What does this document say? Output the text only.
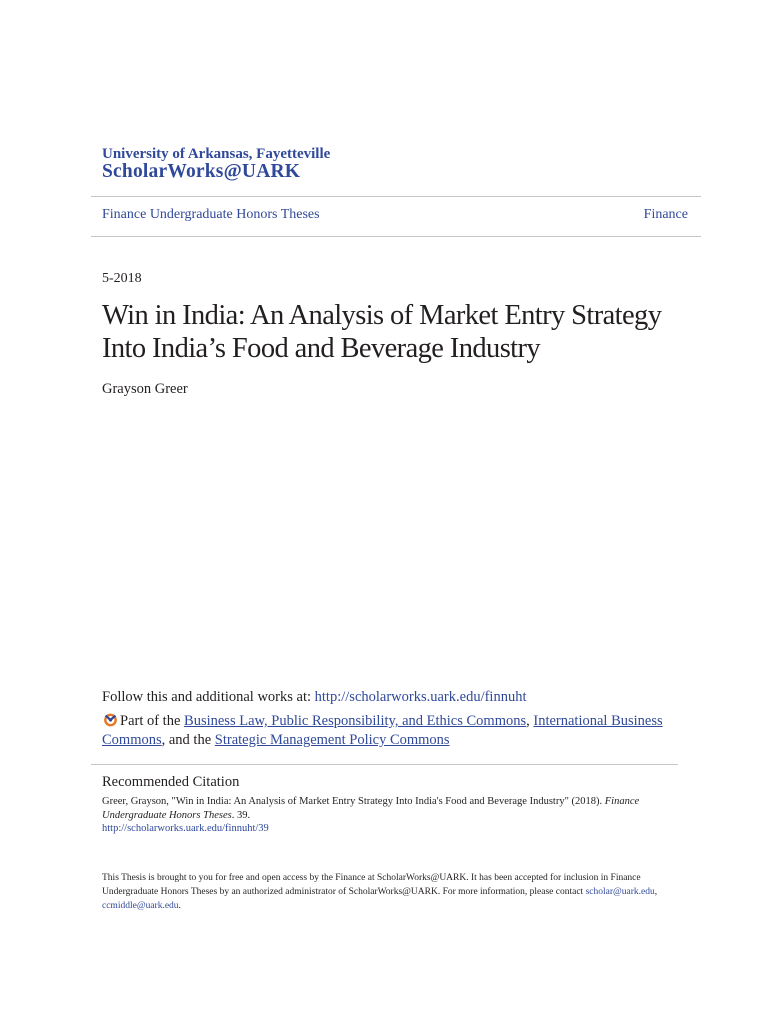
University of Arkansas, Fayetteville
ScholarWorks@UARK
Finance Undergraduate Honors Theses	Finance
5-2018
Win in India: An Analysis of Market Entry Strategy Into India’s Food and Beverage Industry
Grayson Greer
Follow this and additional works at: http://scholarworks.uark.edu/finnuht
Part of the Business Law, Public Responsibility, and Ethics Commons, International Business Commons, and the Strategic Management Policy Commons
Recommended Citation
Greer, Grayson, "Win in India: An Analysis of Market Entry Strategy Into India's Food and Beverage Industry" (2018). Finance Undergraduate Honors Theses. 39.
http://scholarworks.uark.edu/finnuht/39
This Thesis is brought to you for free and open access by the Finance at ScholarWorks@UARK. It has been accepted for inclusion in Finance Undergraduate Honors Theses by an authorized administrator of ScholarWorks@UARK. For more information, please contact scholar@uark.edu, ccmiddle@uark.edu.
